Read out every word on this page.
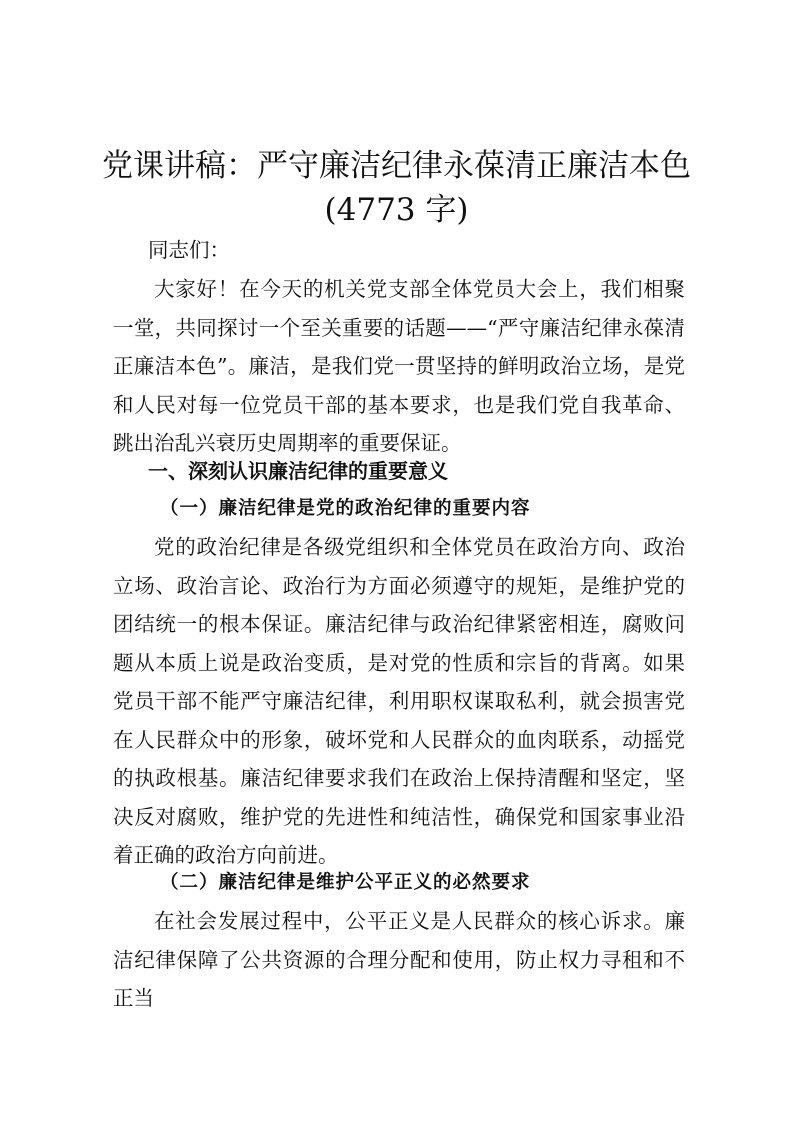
党课讲稿：严守廉洁纪律永葆清正廉洁本色
(4773 字)
同志们：

大家好！在今天的机关党支部全体党员大会上，我们相聚一堂，共同探讨一个至关重要的话题——“严守廉洁纪律永葆清正廉洁本色”。廉洁，是我们党一贯坚持的鲜明政治立场，是党和人民对每一位党员干部的基本要求，也是我们党自我革命、跳出治乱兴衰历史周期率的重要保证。

一、深刻认识廉洁纪律的重要意义
（一）廉洁纪律是党的政治纪律的重要内容

党的政治纪律是各级党组织和全体党员在政治方向、政治立场、政治言论、政治行为方面必须遵守的规矩，是维护党的团结统一的根本保证。廉洁纪律与政治纪律紧密相连，腐败问题从本质上说是政治变质，是对党的性质和宗旨的背离。如果党员干部不能严守廉洁纪律，利用职权谋取私利，就会损害党在人民群众中的形象，破坏党和人民群众的血肉联系，动摇党的执政根基。廉洁纪律要求我们在政治上保持清醒和坚定，坚决反对腐败，维护党的先进性和纯洁性，确保党和国家事业沿着正确的政治方向前进。

（二）廉洁纪律是维护公平正义的必然要求

在社会发展过程中，公平正义是人民群众的核心诉求。廉洁纪律保障了公共资源的合理分配和使用，防止权力寻租和不正当
